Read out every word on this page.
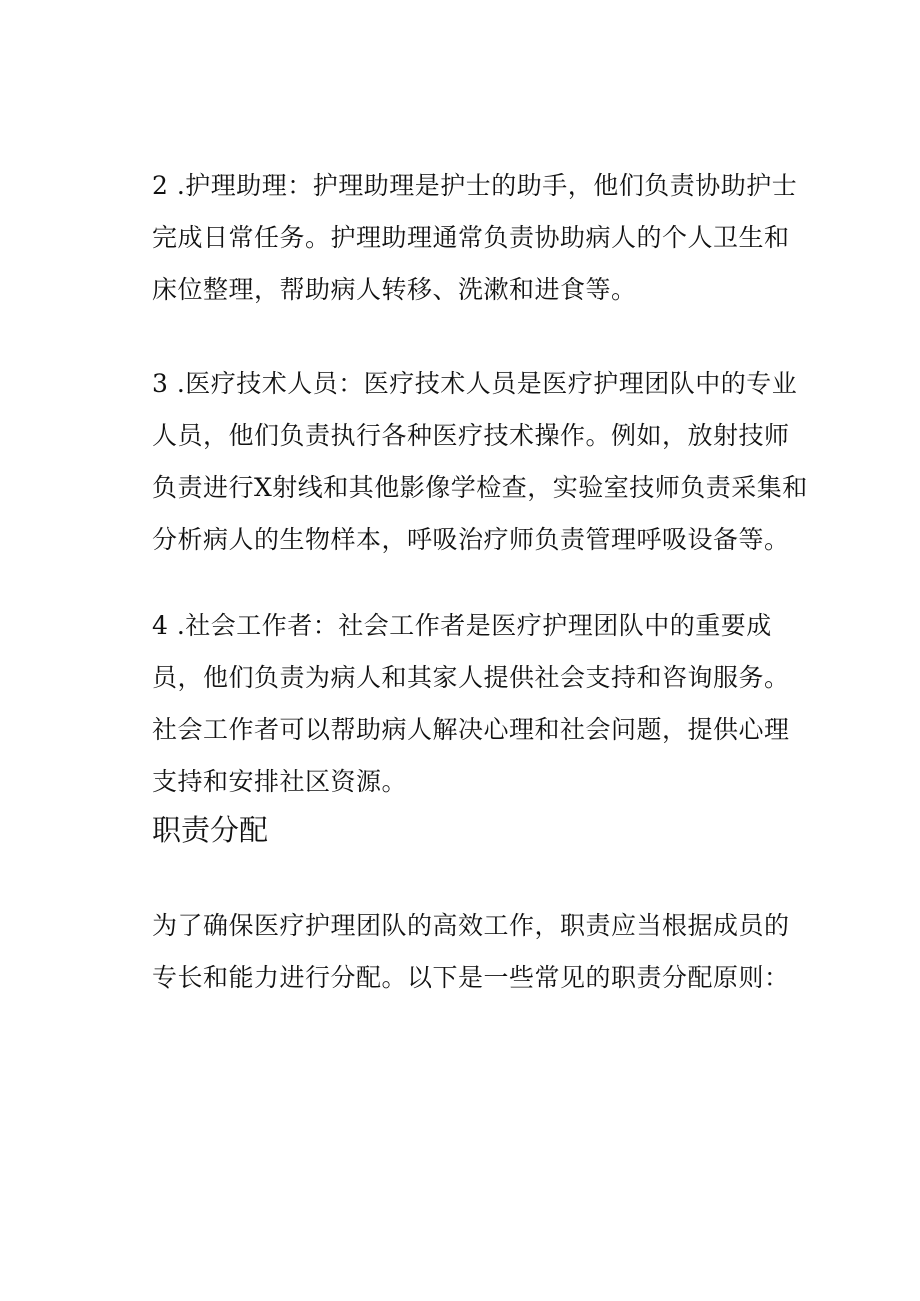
2 .护理助理：护理助理是护士的助手，他们负责协助护士完成日常任务。护理助理通常负责协助病人的个人卫生和床位整理，帮助病人转移、洗漱和进食等。

3 .医疗技术人员：医疗技术人员是医疗护理团队中的专业人员，他们负责执行各种医疗技术操作。例如，放射技师负责进行X射线和其他影像学检查，实验室技师负责采集和分析病人的生物样本，呼吸治疗师负责管理呼吸设备等。

4 .社会工作者：社会工作者是医疗护理团队中的重要成员，他们负责为病人和其家人提供社会支持和咨询服务。社会工作者可以帮助病人解决心理和社会问题，提供心理支持和安排社区资源。

职责分配

为了确保医疗护理团队的高效工作，职责应当根据成员的专长和能力进行分配。以下是一些常见的职责分配原则：
